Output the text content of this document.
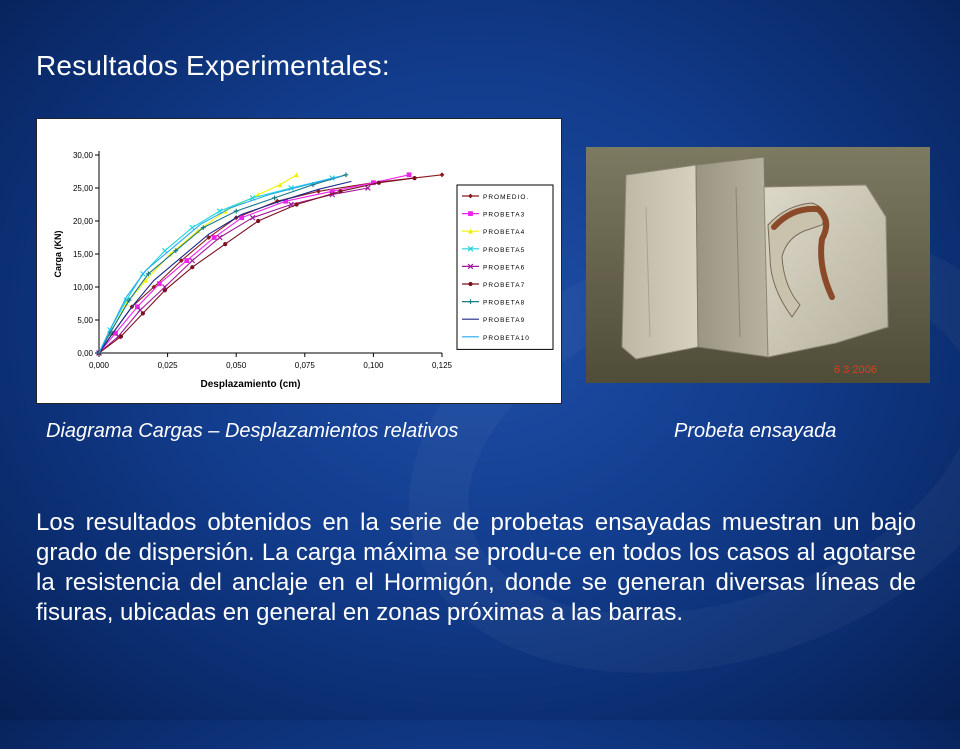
Resultados Experimentales:
0,00
5,00
10,00
15,00
20,00
25,00
30,00
0,000	0,025	0,050	0,075	0,100	0,125
Desplazamiento (cm)
Carga (KN)
PROMEDIO.
PROBETA3
PROBETA4
PROBETA5
PROBETA6
PROBETA7
PROBETA8
PROBETA9
PROBETA10
6 3 2006
Diagrama Cargas – Desplazamientos relativos	Probeta ensayada
Los resultados obtenidos en la serie de probetas ensayadas muestran un bajo grado de dispersión. La carga máxima se produ-ce en todos los casos al agotarse la resistencia del anclaje en el Hormigón, donde se generan diversas líneas de fisuras, ubicadas en general en zonas próximas a las barras.
